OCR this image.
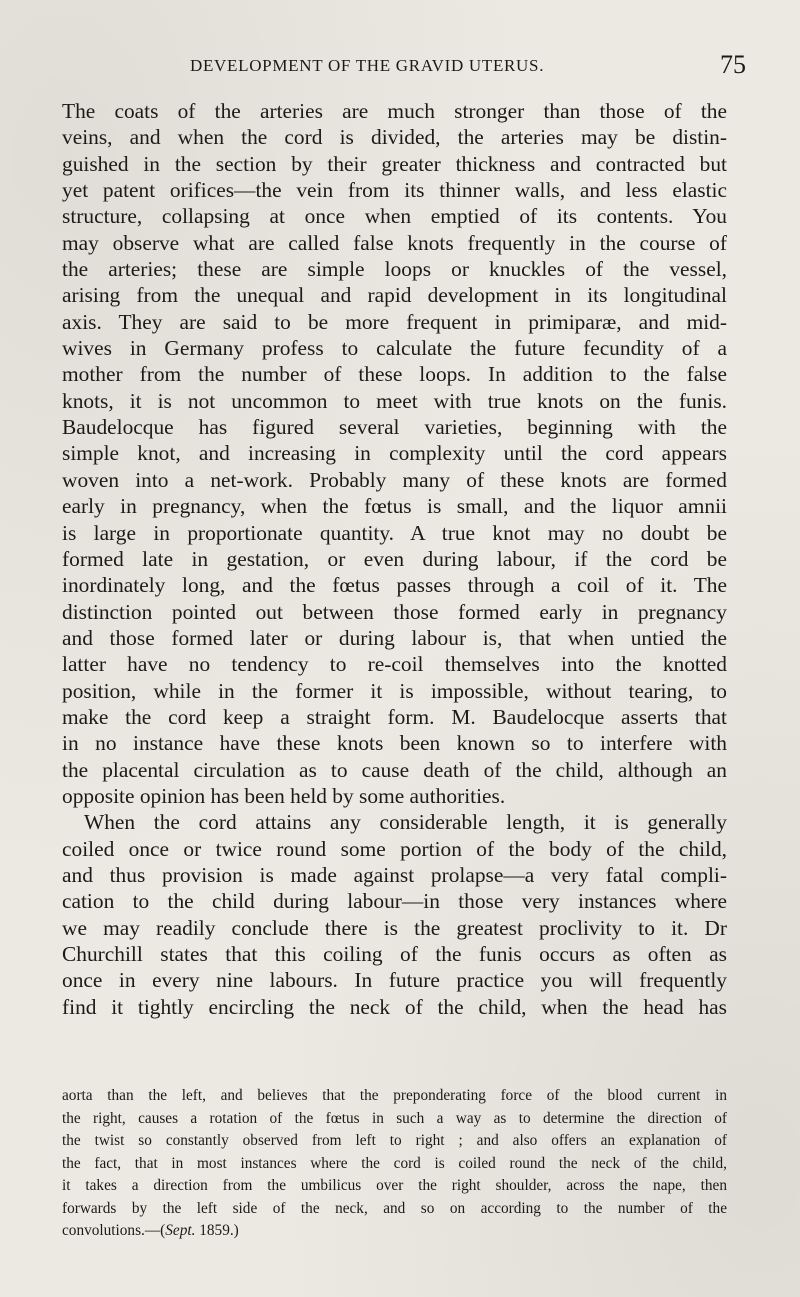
DEVELOPMENT OF THE GRAVID UTERUS.	75
The coats of the arteries are much stronger than those of the
veins, and when the cord is divided, the arteries may be distin-
guished in the section by their greater thickness and contracted but
yet patent orifices—the vein from its thinner walls, and less elastic
structure, collapsing at once when emptied of its contents. You
may observe what are called false knots frequently in the course of
the arteries; these are simple loops or knuckles of the vessel,
arising from the unequal and rapid development in its longitudinal
axis. They are said to be more frequent in primiparæ, and mid-
wives in Germany profess to calculate the future fecundity of a
mother from the number of these loops. In addition to the false
knots, it is not uncommon to meet with true knots on the funis.
Baudelocque has figured several varieties, beginning with the
simple knot, and increasing in complexity until the cord appears
woven into a net-work. Probably many of these knots are formed
early in pregnancy, when the fœtus is small, and the liquor amnii
is large in proportionate quantity. A true knot may no doubt be
formed late in gestation, or even during labour, if the cord be
inordinately long, and the fœtus passes through a coil of it. The
distinction pointed out between those formed early in pregnancy
and those formed later or during labour is, that when untied the
latter have no tendency to re-coil themselves into the knotted
position, while in the former it is impossible, without tearing, to
make the cord keep a straight form. M. Baudelocque asserts that
in no instance have these knots been known so to interfere with
the placental circulation as to cause death of the child, although an
opposite opinion has been held by some authorities.
When the cord attains any considerable length, it is generally
coiled once or twice round some portion of the body of the child,
and thus provision is made against prolapse—a very fatal compli-
cation to the child during labour—in those very instances where
we may readily conclude there is the greatest proclivity to it. Dr
Churchill states that this coiling of the funis occurs as often as
once in every nine labours. In future practice you will frequently
find it tightly encircling the neck of the child, when the head has
aorta than the left, and believes that the preponderating force of the blood current in
the right, causes a rotation of the fœtus in such a way as to determine the direction of
the twist so constantly observed from left to right ; and also offers an explanation of
the fact, that in most instances where the cord is coiled round the neck of the child,
it takes a direction from the umbilicus over the right shoulder, across the nape, then
forwards by the left side of the neck, and so on according to the number of the
convolutions.—(Sept. 1859.)
